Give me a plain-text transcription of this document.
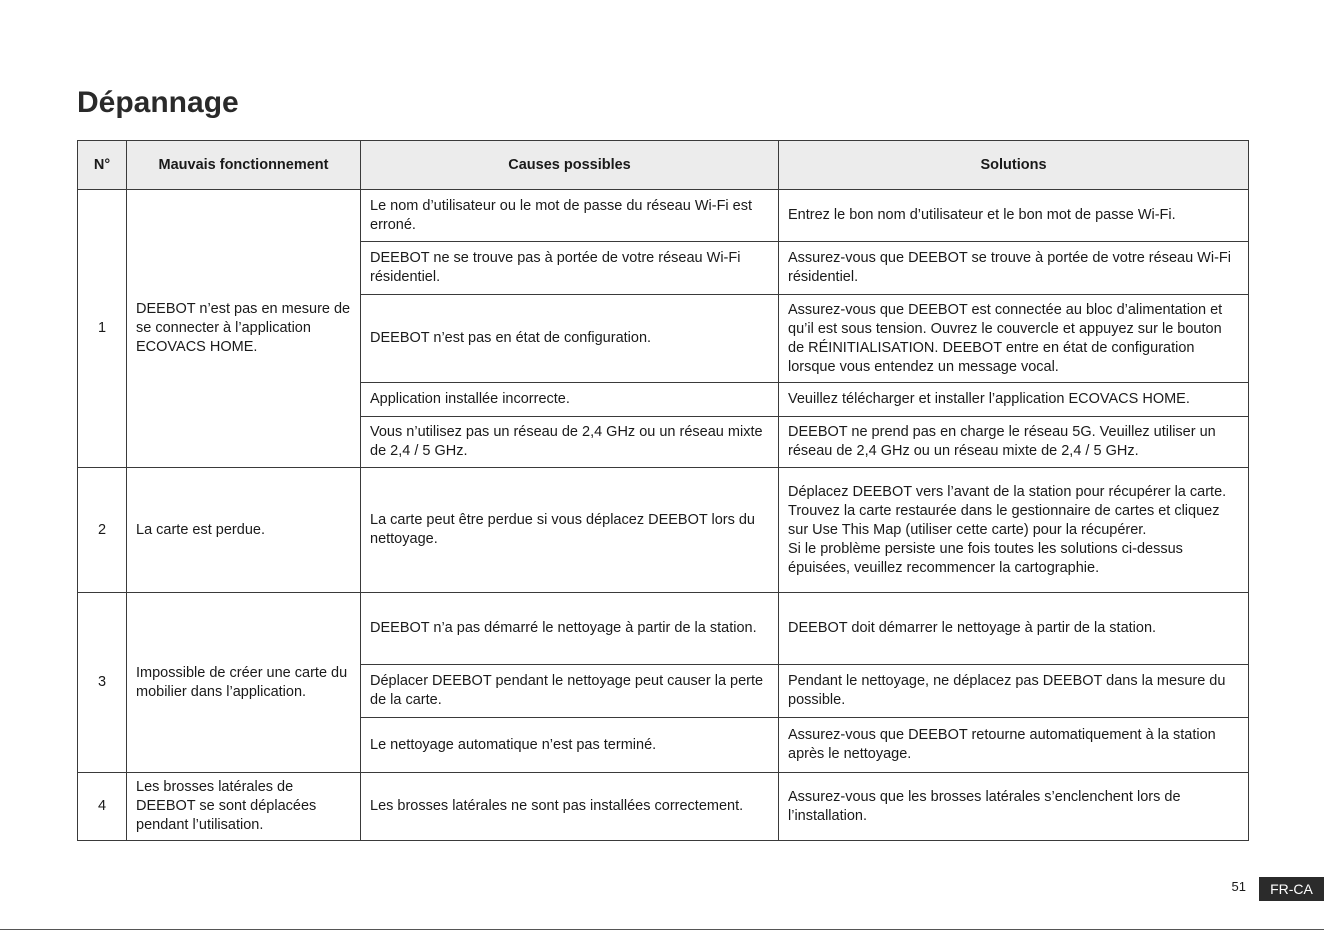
Dépannage
N°	Mauvais fonctionnement	Causes possibles	Solutions
1	DEEBOT n’est pas en mesure de se connecter à l’application ECOVACS HOME.	Le nom d’utilisateur ou le mot de passe du réseau Wi-Fi est erroné.	Entrez le bon nom d’utilisateur et le bon mot de passe Wi-Fi.
		DEEBOT ne se trouve pas à portée de votre réseau Wi-Fi résidentiel.	Assurez-vous que DEEBOT se trouve à portée de votre réseau Wi-Fi résidentiel.
		DEEBOT n’est pas en état de configuration.	Assurez-vous que DEEBOT est connectée au bloc d’alimentation et qu’il est sous tension. Ouvrez le couvercle et appuyez sur le bouton de RÉINITIALISATION. DEEBOT entre en état de configuration lorsque vous entendez un message vocal.
		Application installée incorrecte.	Veuillez télécharger et installer l’application ECOVACS HOME.
		Vous n’utilisez pas un réseau de 2,4 GHz ou un réseau mixte de 2,4 / 5 GHz.	DEEBOT ne prend pas en charge le réseau 5G. Veuillez utiliser un réseau de 2,4 GHz ou un réseau mixte de 2,4 / 5 GHz.
2	La carte est perdue.	La carte peut être perdue si vous déplacez DEEBOT lors du nettoyage.	Déplacez DEEBOT vers l’avant de la station pour récupérer la carte.
Trouvez la carte restaurée dans le gestionnaire de cartes et cliquez sur Use This Map (utiliser cette carte) pour la récupérer.
Si le problème persiste une fois toutes les solutions ci-dessus épuisées, veuillez recommencer la cartographie.
3	Impossible de créer une carte du mobilier dans l’application.	DEEBOT n’a pas démarré le nettoyage à partir de la station.	DEEBOT doit démarrer le nettoyage à partir de la station.
		Déplacer DEEBOT pendant le nettoyage peut causer la perte de la carte.	Pendant le nettoyage, ne déplacez pas DEEBOT dans la mesure du possible.
		Le nettoyage automatique n’est pas terminé.	Assurez-vous que DEEBOT retourne automatiquement à la station après le nettoyage.
4	Les brosses latérales de DEEBOT se sont déplacées pendant l’utilisation.	Les brosses latérales ne sont pas installées correctement.	Assurez-vous que les brosses latérales s’enclenchent lors de l’installation.
51	FR-CA
